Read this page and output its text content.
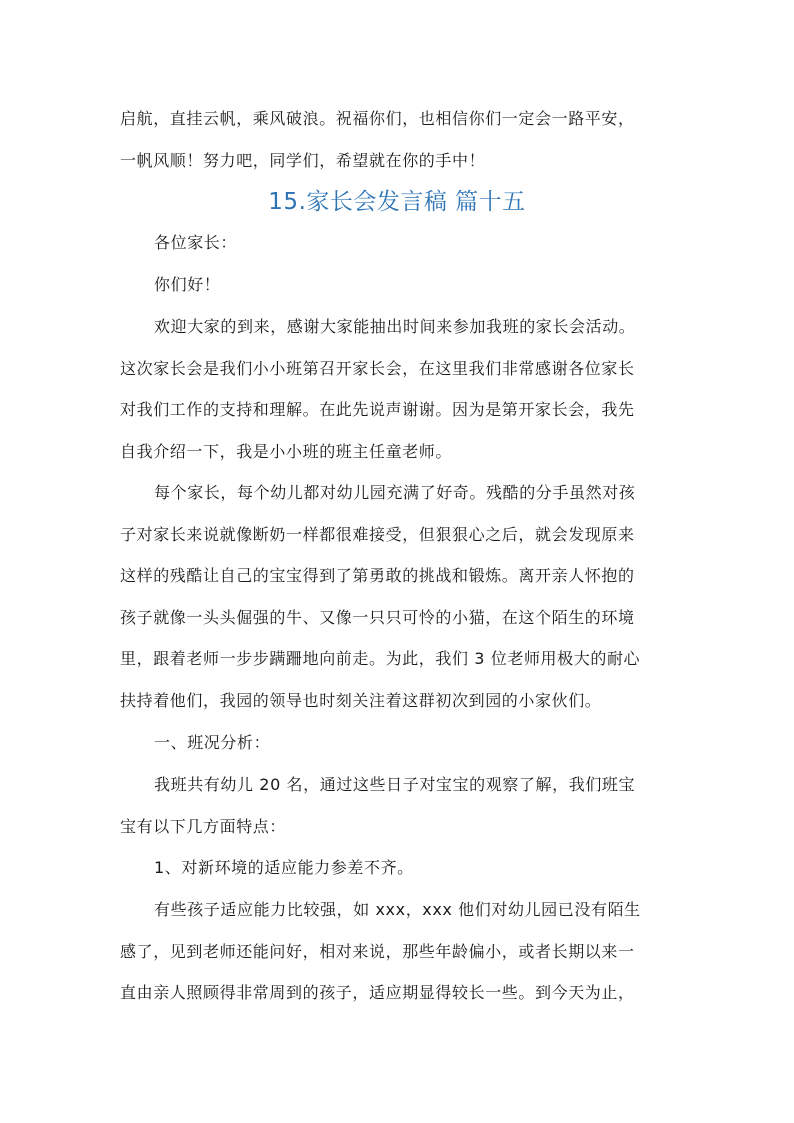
启航，直挂云帆，乘风破浪。祝福你们，也相信你们一定会一路平安，
一帆风顺！努力吧，同学们，希望就在你的手中！

15.家长会发言稿 篇十五

各位家长：

你们好！

欢迎大家的到来，感谢大家能抽出时间来参加我班的家长会活动。
这次家长会是我们小小班第召开家长会，在这里我们非常感谢各位家长
对我们工作的支持和理解。在此先说声谢谢。因为是第开家长会，我先
自我介绍一下，我是小小班的班主任童老师。

每个家长，每个幼儿都对幼儿园充满了好奇。残酷的分手虽然对孩
子对家长来说就像断奶一样都很难接受，但狠狠心之后，就会发现原来
这样的残酷让自己的宝宝得到了第勇敢的挑战和锻炼。离开亲人怀抱的
孩子就像一头头倔强的牛、又像一只只可怜的小猫，在这个陌生的环境
里，跟着老师一步步蹒跚地向前走。为此，我们 3 位老师用极大的耐心
扶持着他们，我园的领导也时刻关注着这群初次到园的小家伙们。

一、班况分析：

我班共有幼儿 20 名，通过这些日子对宝宝的观察了解，我们班宝
宝有以下几方面特点：

1、对新环境的适应能力参差不齐。

有些孩子适应能力比较强，如 xxx，xxx 他们对幼儿园已没有陌生
感了，见到老师还能问好，相对来说，那些年龄偏小，或者长期以来一
直由亲人照顾得非常周到的孩子，适应期显得较长一些。到今天为止，
